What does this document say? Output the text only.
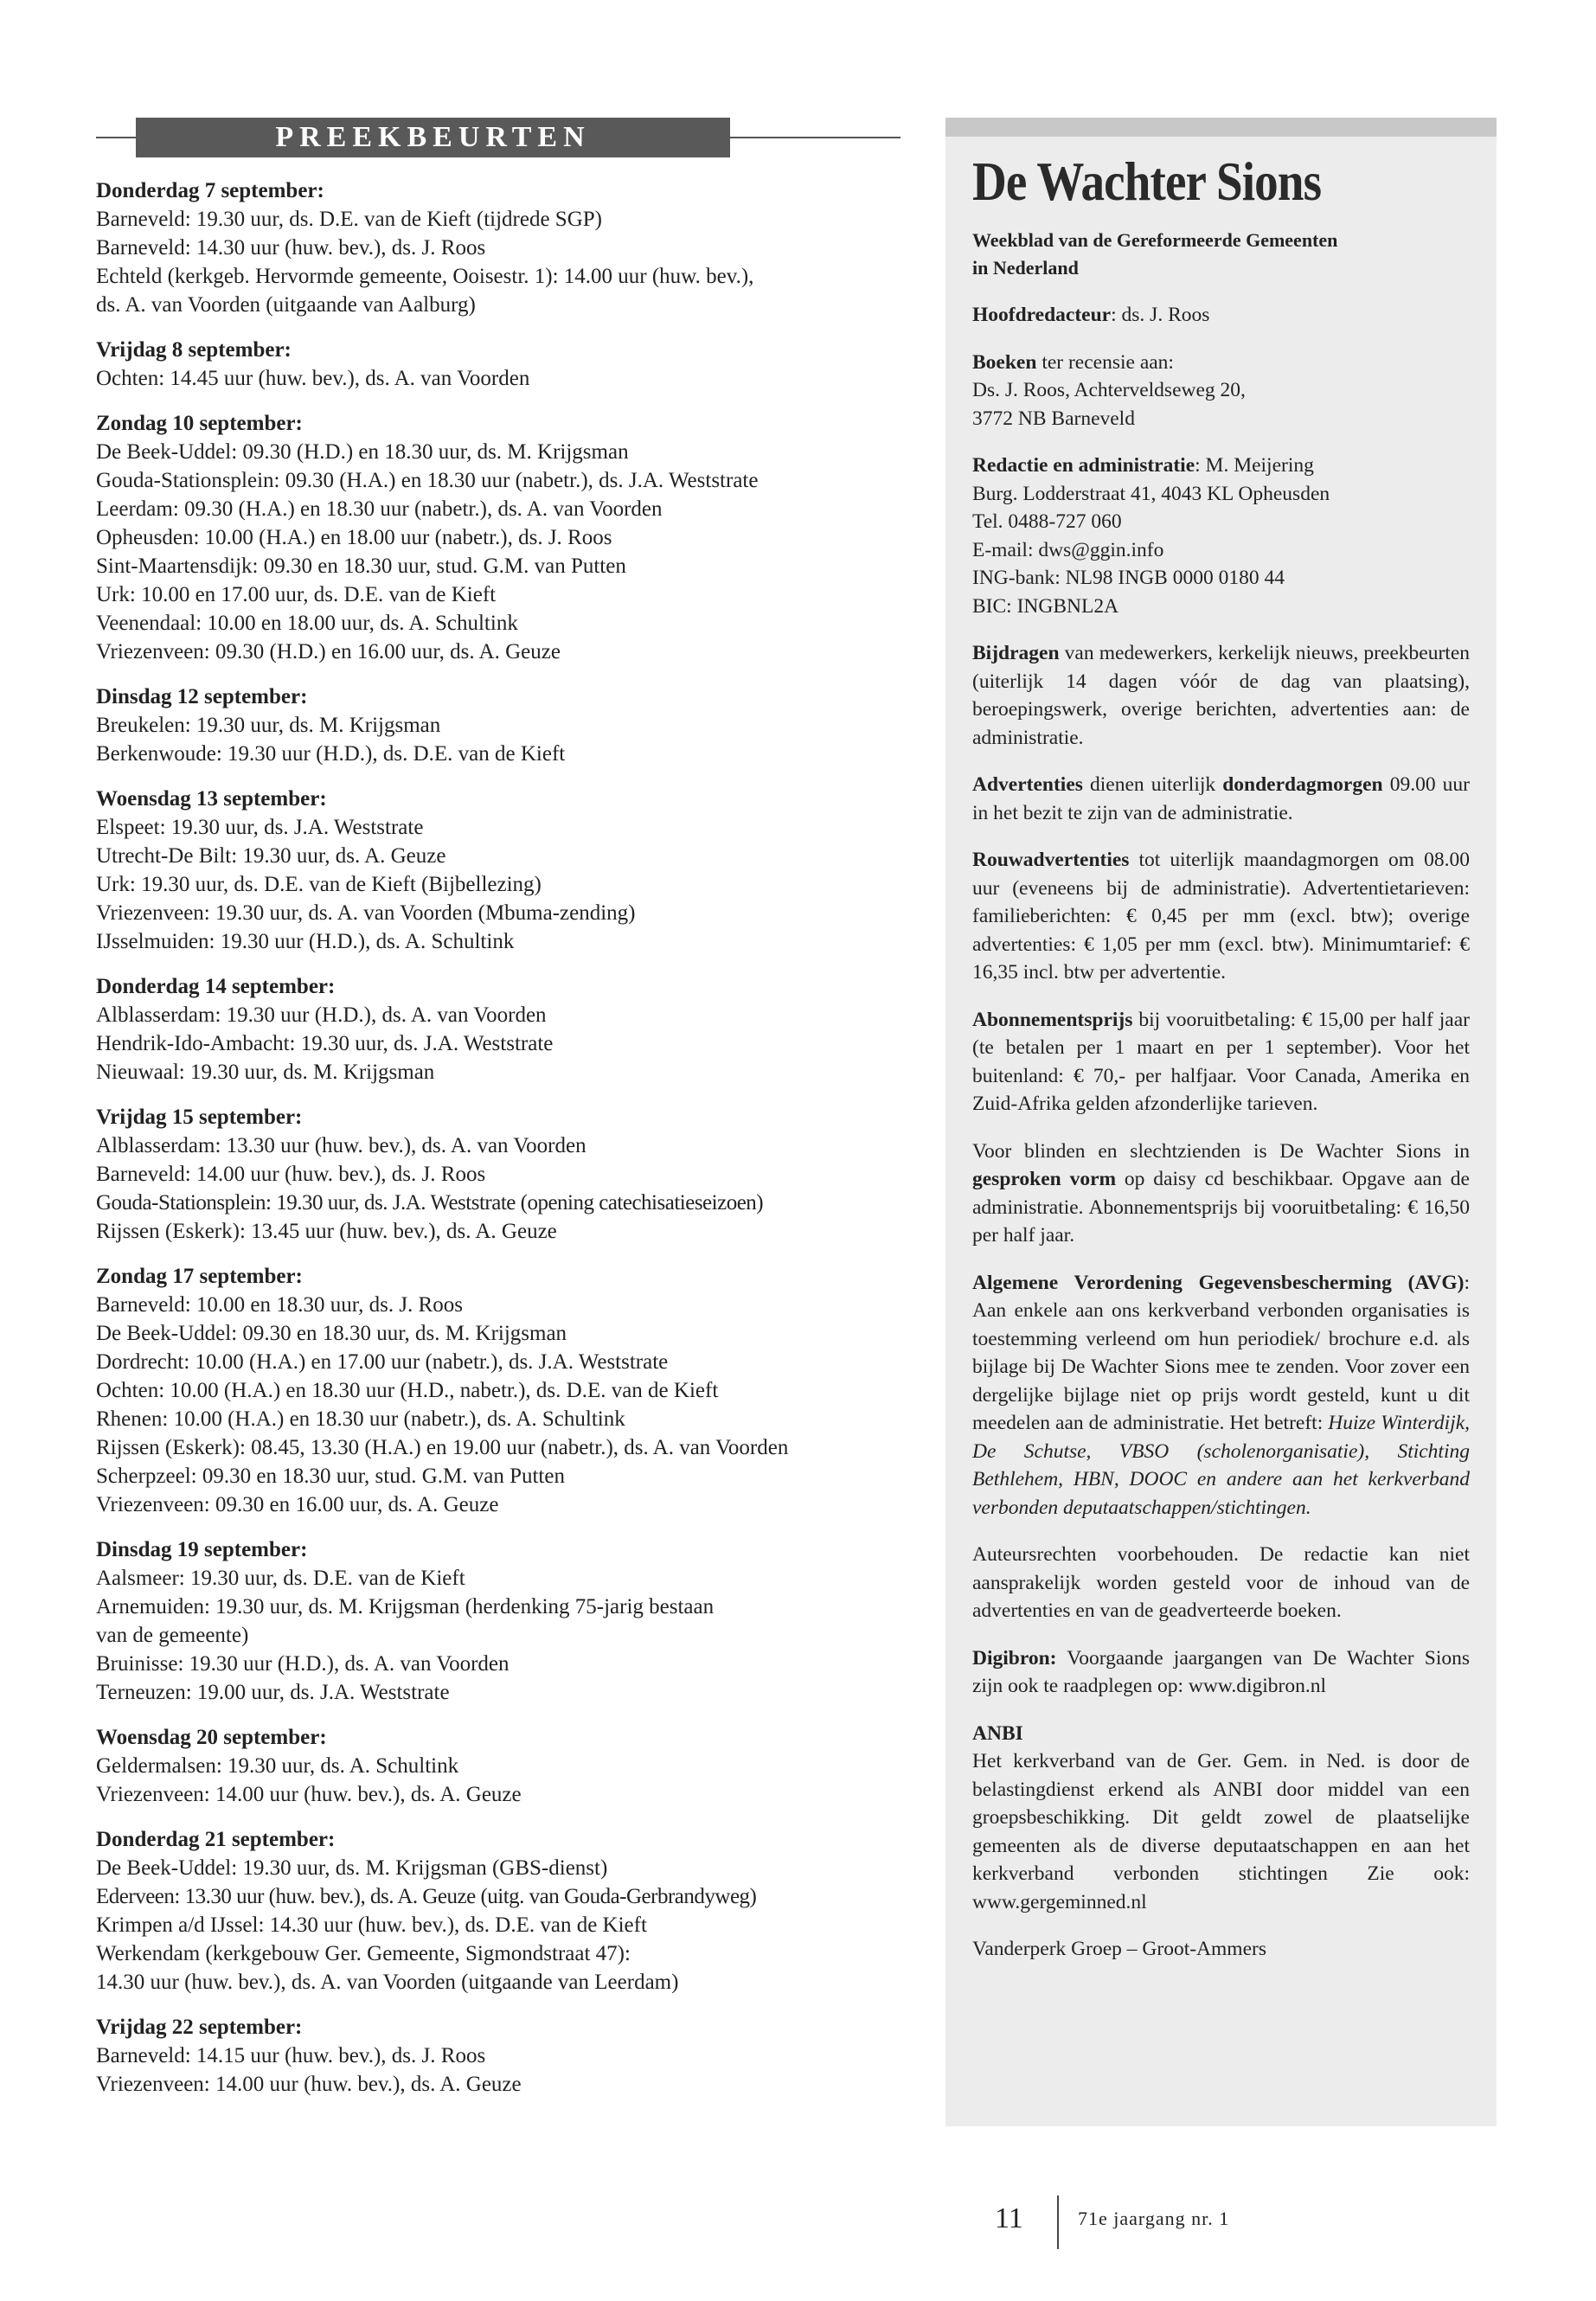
PREEKBEURTEN
Donderdag 7 september:
Barneveld: 19.30 uur, ds. D.E. van de Kieft (tijdrede SGP)
Barneveld: 14.30 uur (huw. bev.), ds. J. Roos
Echteld (kerkgeb. Hervormde gemeente, Ooisestr. 1): 14.00 uur (huw. bev.),
ds. A. van Voorden (uitgaande van Aalburg)
Vrijdag 8 september:
Ochten: 14.45 uur (huw. bev.), ds. A. van Voorden
Zondag 10 september:
De Beek-Uddel: 09.30 (H.D.) en 18.30 uur, ds. M. Krijgsman
Gouda-Stationsplein: 09.30 (H.A.) en 18.30 uur (nabetr.), ds. J.A. Weststrate
Leerdam: 09.30 (H.A.) en 18.30 uur (nabetr.), ds. A. van Voorden
Opheusden: 10.00 (H.A.) en 18.00 uur (nabetr.), ds. J. Roos
Sint-Maartensdijk: 09.30 en 18.30 uur, stud. G.M. van Putten
Urk: 10.00 en 17.00 uur, ds. D.E. van de Kieft
Veenendaal: 10.00 en 18.00 uur, ds. A. Schultink
Vriezenveen: 09.30 (H.D.) en 16.00 uur, ds. A. Geuze
Dinsdag 12 september:
Breukelen: 19.30 uur, ds. M. Krijgsman
Berkenwoude: 19.30 uur (H.D.), ds. D.E. van de Kieft
Woensdag 13 september:
Elspeet: 19.30 uur, ds. J.A. Weststrate
Utrecht-De Bilt: 19.30 uur, ds. A. Geuze
Urk: 19.30 uur, ds. D.E. van de Kieft (Bijbellezing)
Vriezenveen: 19.30 uur, ds. A. van Voorden (Mbuma-zending)
IJsselmuiden: 19.30 uur (H.D.), ds. A. Schultink
Donderdag 14 september:
Alblasserdam: 19.30 uur (H.D.), ds. A. van Voorden
Hendrik-Ido-Ambacht: 19.30 uur, ds. J.A. Weststrate
Nieuwaal: 19.30 uur, ds. M. Krijgsman
Vrijdag 15 september:
Alblasserdam: 13.30 uur (huw. bev.), ds. A. van Voorden
Barneveld: 14.00 uur (huw. bev.), ds. J. Roos
Gouda-Stationsplein: 19.30 uur, ds. J.A. Weststrate (opening catechisatieseizoen)
Rijssen (Eskerk): 13.45 uur (huw. bev.), ds. A. Geuze
Zondag 17 september:
Barneveld: 10.00 en 18.30 uur, ds. J. Roos
De Beek-Uddel: 09.30 en 18.30 uur, ds. M. Krijgsman
Dordrecht: 10.00 (H.A.) en 17.00 uur (nabetr.), ds. J.A. Weststrate
Ochten: 10.00 (H.A.) en 18.30 uur (H.D., nabetr.), ds. D.E. van de Kieft
Rhenen: 10.00 (H.A.) en 18.30 uur (nabetr.), ds. A. Schultink
Rijssen (Eskerk): 08.45, 13.30 (H.A.) en 19.00 uur (nabetr.), ds. A. van Voorden
Scherpzeel: 09.30 en 18.30 uur, stud. G.M. van Putten
Vriezenveen: 09.30 en 16.00 uur, ds. A. Geuze
Dinsdag 19 september:
Aalsmeer: 19.30 uur, ds. D.E. van de Kieft
Arnemuiden: 19.30 uur, ds. M. Krijgsman (herdenking 75-jarig bestaan
van de gemeente)
Bruinisse: 19.30 uur (H.D.), ds. A. van Voorden
Terneuzen: 19.00 uur, ds. J.A. Weststrate
Woensdag 20 september:
Geldermalsen: 19.30 uur, ds. A. Schultink
Vriezenveen: 14.00 uur (huw. bev.), ds. A. Geuze
Donderdag 21 september:
De Beek-Uddel: 19.30 uur, ds. M. Krijgsman (GBS-dienst)
Ederveen: 13.30 uur (huw. bev.), ds. A. Geuze (uitg. van Gouda-Gerbrandyweg)
Krimpen a/d IJssel: 14.30 uur (huw. bev.), ds. D.E. van de Kieft
Werkendam (kerkgebouw Ger. Gemeente, Sigmondstraat 47):
14.30 uur (huw. bev.), ds. A. van Voorden (uitgaande van Leerdam)
Vrijdag 22 september:
Barneveld: 14.15 uur (huw. bev.), ds. J. Roos
Vriezenveen: 14.00 uur (huw. bev.), ds. A. Geuze
De Wachter Sions
Weekblad van de Gereformeerde Gemeenten
in Nederland
Hoofdredacteur: ds. J. Roos
Boeken ter recensie aan:
Ds. J. Roos, Achterveldseweg 20,
3772 NB Barneveld
Redactie en administratie: M. Meijering
Burg. Lodderstraat 41, 4043 KL Opheusden
Tel. 0488-727 060
E-mail: dws@ggin.info
ING-bank: NL98 INGB 0000 0180 44
BIC: INGBNL2A
Bijdragen van medewerkers, kerkelijk nieuws, preekbeurten (uiterlijk 14 dagen vóór de dag van plaatsing), beroepingswerk, overige berichten, advertenties aan: de administratie.
Advertenties dienen uiterlijk donderdagmorgen 09.00 uur in het bezit te zijn van de administratie.
Rouwadvertenties tot uiterlijk maandagmorgen om 08.00 uur (eveneens bij de administratie). Advertentietarieven: familieberichten: € 0,45 per mm (excl. btw); overige advertenties: € 1,05 per mm (excl. btw). Minimumtarief: € 16,35 incl. btw per advertentie.
Abonnementsprijs bij vooruitbetaling: € 15,00 per half jaar (te betalen per 1 maart en per 1 september). Voor het buitenland: € 70,- per halfjaar. Voor Canada, Amerika en Zuid-Afrika gelden afzonderlijke tarieven.
Voor blinden en slechtzienden is De Wachter Sions in gesproken vorm op daisy cd beschikbaar. Opgave aan de administratie. Abonnementsprijs bij vooruitbetaling: € 16,50 per half jaar.
Algemene Verordening Gegevensbescherming (AVG): Aan enkele aan ons kerkverband verbonden organisaties is toestemming verleend om hun periodiek/ brochure e.d. als bijlage bij De Wachter Sions mee te zenden. Voor zover een dergelijke bijlage niet op prijs wordt gesteld, kunt u dit meedelen aan de administratie. Het betreft: Huize Winterdijk, De Schutse, VBSO (scholenorganisatie), Stichting Bethlehem, HBN, DOOC en andere aan het kerkverband verbonden deputaatschappen/stichtingen.
Auteursrechten voorbehouden. De redactie kan niet aansprakelijk worden gesteld voor de inhoud van de advertenties en van de geadverteerde boeken.
Digibron: Voorgaande jaargangen van De Wachter Sions zijn ook te raadplegen op: www.digibron.nl
ANBI
Het kerkverband van de Ger. Gem. in Ned. is door de belastingdienst erkend als ANBI door middel van een groepsbeschikking. Dit geldt zowel de plaatselijke gemeenten als de diverse deputaatschappen en aan het kerkverband verbonden stichtingen Zie ook: www.gergeminned.nl
Vanderperk Groep – Groot-Ammers
11	71e jaargang nr. 1
